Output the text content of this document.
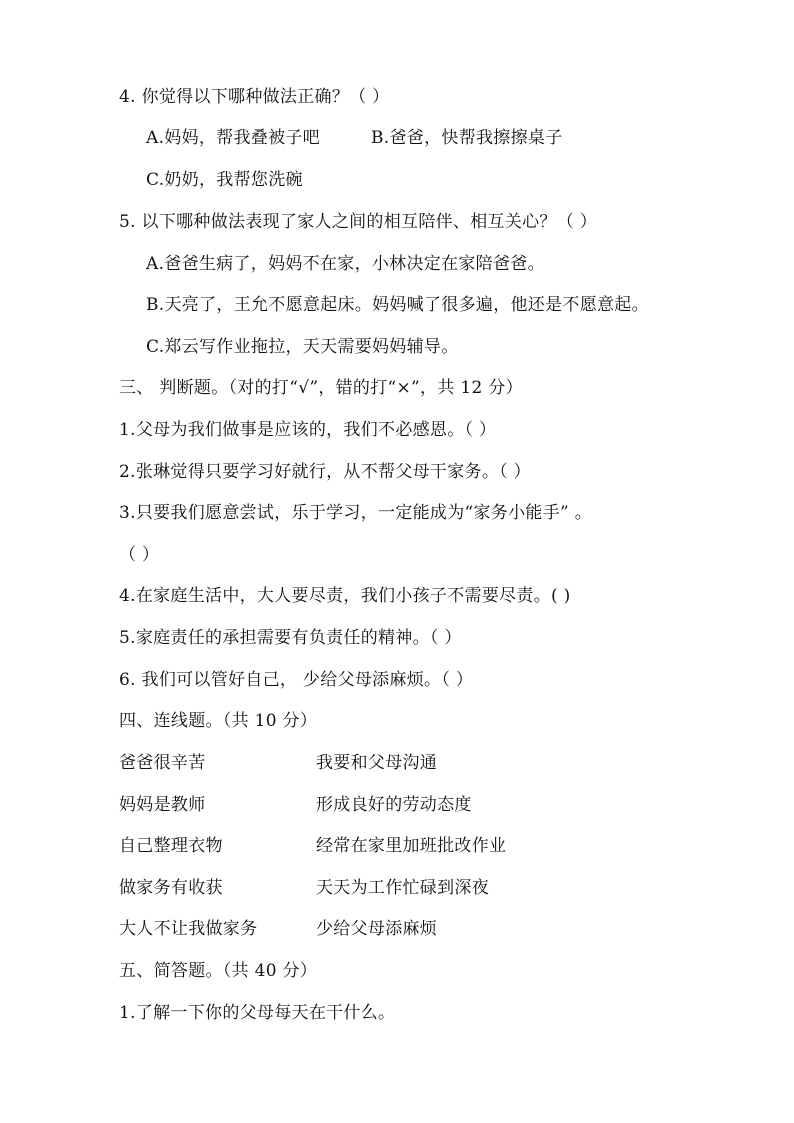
4. 你觉得以下哪种做法正确？（ ）
A.妈妈，帮我叠被子吧	B.爸爸，快帮我擦擦桌子
C.奶奶，我帮您洗碗
5. 以下哪种做法表现了家人之间的相互陪伴、相互关心？（ ）
A.爸爸生病了，妈妈不在家，小林决定在家陪爸爸。
B.天亮了，王允不愿意起床。妈妈喊了很多遍，他还是不愿意起。
C.郑云写作业拖拉，天天需要妈妈辅导。
三、 判断题。（对的打“√”，错的打“×”，共 12 分）
1.父母为我们做事是应该的，我们不必感恩。（ ）
2.张琳觉得只要学习好就行，从不帮父母干家务。（ ）
3.只要我们愿意尝试，乐于学习，一定能成为“家务小能手” 。
（ ）
4.在家庭生活中，大人要尽责，我们小孩子不需要尽责。( )
5.家庭责任的承担需要有负责任的精神。（ ）
6. 我们可以管好自己， 少给父母添麻烦。（ ）
四、连线题。（共 10 分）
爸爸很辛苦	我要和父母沟通
妈妈是教师	形成良好的劳动态度
自己整理衣物	经常在家里加班批改作业
做家务有收获	天天为工作忙碌到深夜
大人不让我做家务	少给父母添麻烦
五、简答题。（共 40 分）
1.了解一下你的父母每天在干什么。
